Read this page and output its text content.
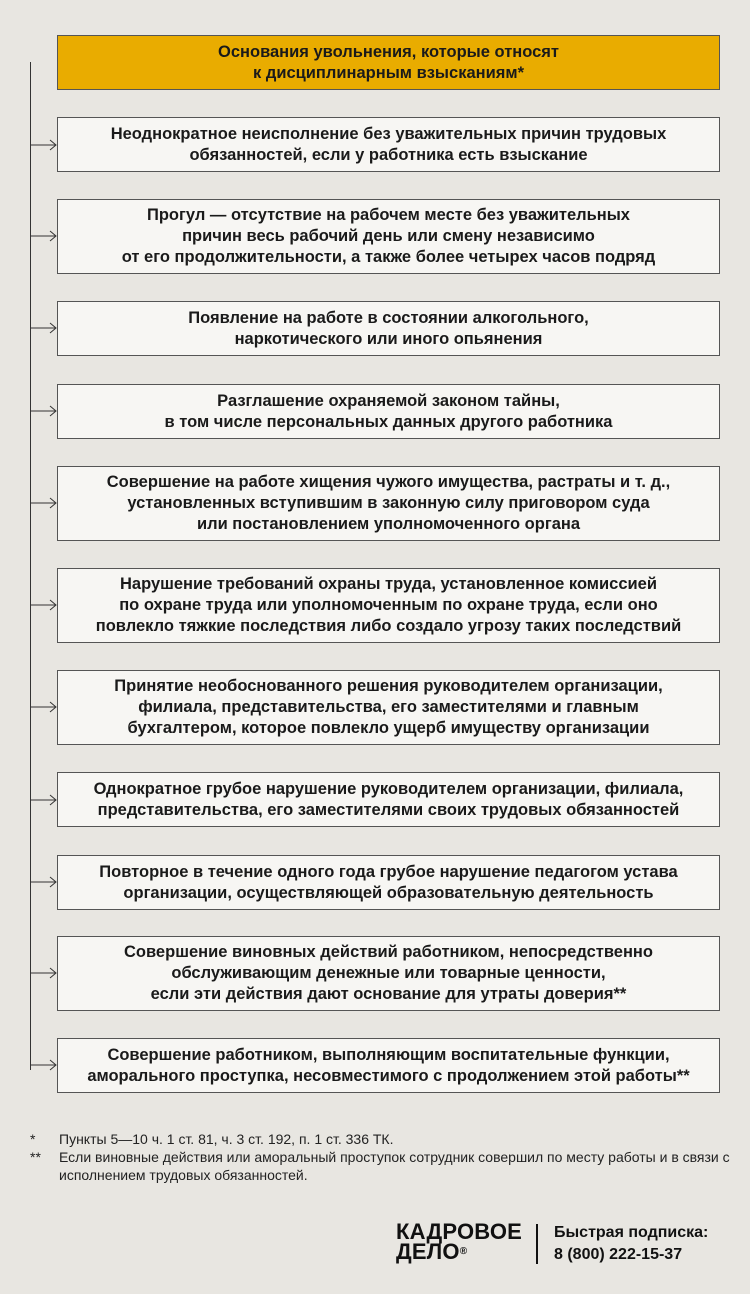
Основания увольнения, которые относят
к дисциплинарным взысканиям*
Неоднократное неисполнение без уважительных причин трудовых
обязанностей, если у работника есть взыскание
Прогул — отсутствие на рабочем месте без уважительных
причин весь рабочий день или смену независимо
от его продолжительности, а также более четырех часов подряд
Появление на работе в состоянии алкогольного,
наркотического или иного опьянения
Разглашение охраняемой законом тайны,
в том числе персональных данных другого работника
Совершение на работе хищения чужого имущества, растраты и т. д.,
установленных вступившим в законную силу приговором суда
или постановлением уполномоченного органа
Нарушение требований охраны труда, установленное комиссией
по охране труда или уполномоченным по охране труда, если оно
повлекло тяжкие последствия либо создало угрозу таких последствий
Принятие необоснованного решения руководителем организации,
филиала, представительства, его заместителями и главным
бухгалтером, которое повлекло ущерб имуществу организации
Однократное грубое нарушение руководителем организации, филиала,
представительства, его заместителями своих трудовых обязанностей
Повторное в течение одного года грубое нарушение педагогом устава
организации, осуществляющей образовательную деятельность
Совершение виновных действий работником, непосредственно
обслуживающим денежные или товарные ценности,
если эти действия дают основание для утраты доверия**
Совершение работником, выполняющим воспитательные функции,
аморального проступка, несовместимого с продолжением этой работы**
*	Пункты 5—10 ч. 1 ст. 81, ч. 3 ст. 192, п. 1 ст. 336 ТК.
**	Если виновные действия или аморальный проступок сотрудник совершил по месту работы и в связи с исполнением трудовых обязанностей.
КАДРОВОЕ
ДЕЛО®
Быстрая подписка:
8 (800) 222-15-37
